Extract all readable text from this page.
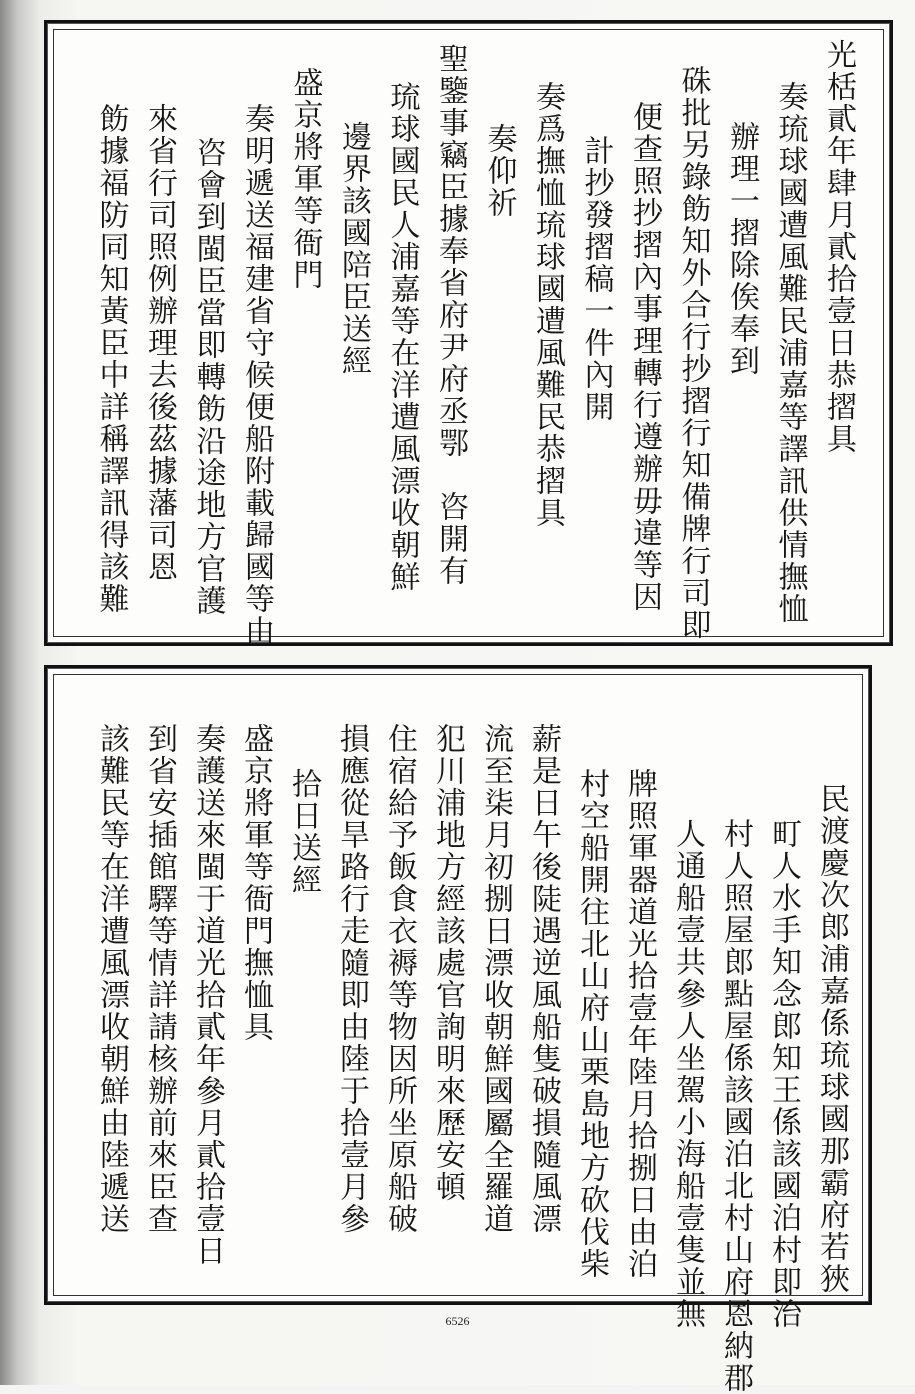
光栝貳年肆月貳拾壹日恭摺具
奏琉球國遭風難民浦嘉等譯訊供情撫恤
辦理一摺除俟奉到
硃批另錄飭知外合行抄摺行知備牌行司即
便查照抄摺內事理轉行遵辦毋違等因
計抄發摺稿一件內開
奏爲撫恤琉球國遭風難民恭摺具
奏仰祈
聖鑒事竊臣據奉省府尹府丞鄂　咨開有
琉球國民人浦嘉等在洋遭風漂收朝鮮
邊界該國陪臣送經
盛京將軍等衙門
奏明遞送福建省守候便船附載歸國等由
咨會到閩臣當即轉飭沿途地方官護
來省行司照例辦理去後茲據藩司恩
飭據福防同知黃臣中詳稱譯訊得該難
民渡慶次郎浦嘉係琉球國那霸府若狹
町人水手知念郎知王係該國泊村即治
村人照屋郎點屋係該國泊北村山府恩納郡
人通船壹共參人坐駕小海船壹隻並無
牌照軍器道光拾壹年陸月拾捌日由泊
村空船開往北山府山栗島地方砍伐柴
薪是日午後陡遇逆風船隻破損隨風漂
流至柒月初捌日漂收朝鮮國屬全羅道
犯川浦地方經該處官詢明來歷安頓
住宿給予飯食衣褥等物因所坐原船破
損應從旱路行走隨即由陸于拾壹月參
拾日送經
盛京將軍等衙門撫恤具
奏護送來閩于道光拾貳年參月貳拾壹日
到省安插館驛等情詳請核辦前來臣查
該難民等在洋遭風漂收朝鮮由陸遞送
6526
